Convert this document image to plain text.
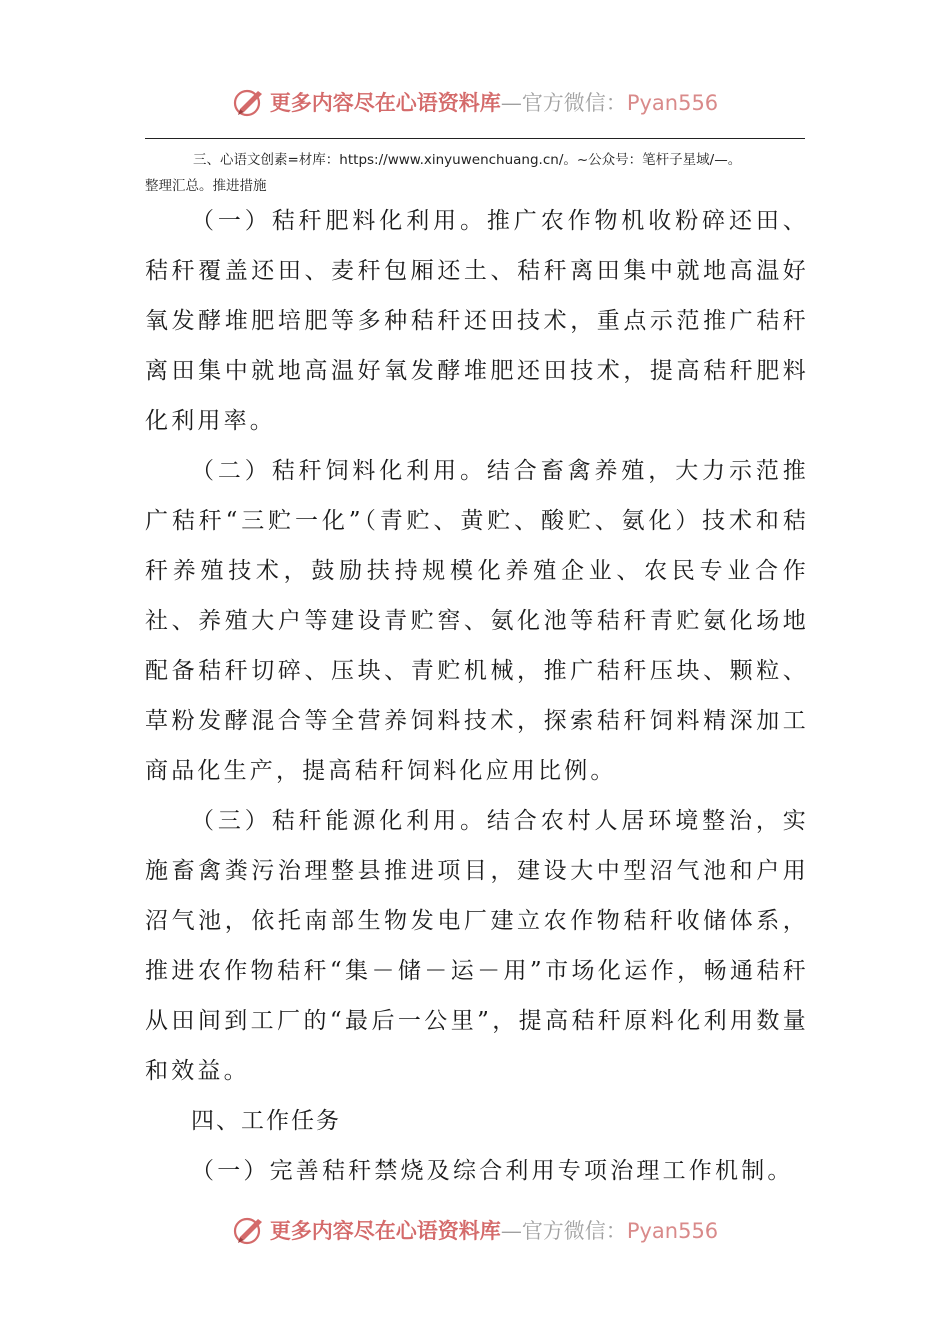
更多内容尽在心语资料库—官方微信：Pyan556
三、心语文创素=材库：https://www.xinyuwenchuang.cn/。~公众号：笔杆子星域/—。
整理汇总。推进措施

（一）秸秆肥料化利用。推广农作物机收粉碎还田、秸秆覆盖还田、麦秆包厢还土、秸秆离田集中就地高温好氧发酵堆肥培肥等多种秸秆还田技术，重点示范推广秸秆离田集中就地高温好氧发酵堆肥还田技术，提高秸秆肥料化利用率。

（二）秸秆饲料化利用。结合畜禽养殖，大力示范推广秸秆“三贮一化”（青贮、黄贮、酸贮、氨化）技术和秸秆养殖技术，鼓励扶持规模化养殖企业、农民专业合作社、养殖大户等建设青贮窖、氨化池等秸秆青贮氨化场地配备秸秆切碎、压块、青贮机械，推广秸秆压块、颗粒、草粉发酵混合等全营养饲料技术，探索秸秆饲料精深加工商品化生产，提高秸秆饲料化应用比例。

（三）秸秆能源化利用。结合农村人居环境整治，实施畜禽粪污治理整县推进项目，建设大中型沼气池和户用沼气池，依托南部生物发电厂建立农作物秸秆收储体系，推进农作物秸秆“集－储－运－用”市场化运作，畅通秸秆从田间到工厂的“最后一公里”，提高秸秆原料化利用数量和效益。

四、工作任务

（一）完善秸秆禁烧及综合利用专项治理工作机制。

更多内容尽在心语资料库—官方微信：Pyan556
